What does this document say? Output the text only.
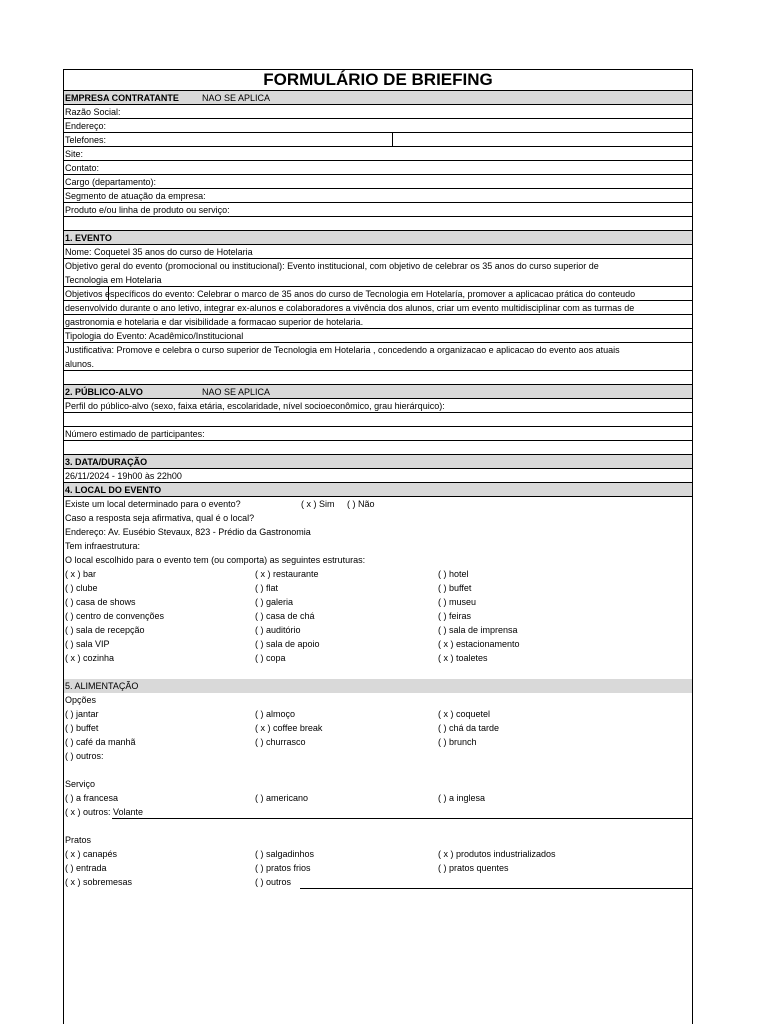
FORMULÁRIO DE BRIEFING
EMPRESA CONTRATANTE	NAO SE APLICA
Razão Social:
Endereço:
Telefones:
Site:
Contato:
Cargo (departamento):
Segmento de atuação da empresa:
Produto e/ou linha de produto ou serviço:
1. EVENTO
Nome: Coquetel 35 anos do curso de Hotelaria
Objetivo geral do evento (promocional ou institucional): Evento institucional, com objetivo de celebrar os 35 anos do curso superior de
Tecnologia em Hotelaria
Objetivos específicos do evento: Celebrar o marco de 35 anos do curso de Tecnologia em Hotelaría, promover a aplicacao prática do conteudo
desenvolvido durante o ano letivo, integrar ex-alunos e colaboradores a vivência dos alunos, criar um evento multidisciplinar com as turmas de
gastronomia e hotelaria e dar visibilidade a formacao superior de hotelaria.
Tipologia do Evento: Acadêmico/Institucional
Justificativa: Promove e celebra o curso superior de Tecnologia em Hotelaria , concedendo a organizacao e aplicacao do evento aos atuais
alunos.
2. PÚBLICO-ALVO	NAO SE APLICA
Perfil do público-alvo (sexo, faixa etária, escolaridade, nível socioeconômico, grau hierárquico):
Número estimado de participantes:
3. DATA/DURAÇÃO
26/11/2024 - 19h00 às 22h00
4. LOCAL DO EVENTO
Existe um local determinado para o evento?	( x ) Sim ( ) Não
Caso a resposta seja afirmativa, qual é o local?
Endereço: Av. Eusébio Stevaux, 823 - Prédio da Gastronomia
Tem infraestrutura:
O local escolhido para o evento tem (ou comporta) as seguintes estruturas:
( x ) bar	( x ) restaurante	( ) hotel
( ) clube	( ) flat	( ) buffet
( ) casa de shows	( ) galeria	( ) museu
( ) centro de convenções	( ) casa de chá	( ) feiras
( ) sala de recepção	( ) auditório	( ) sala de imprensa
( ) sala VIP	( ) sala de apoio	( x ) estacionamento
( x ) cozinha	( ) copa	( x ) toaletes
5. ALIMENTAÇÃO
Opções
( ) jantar	( ) almoço	( x ) coquetel
( ) buffet	( x ) coffee break	( ) chá da tarde
( ) café da manhã	( ) churrasco	( ) brunch
( ) outros:
Serviço
( ) a francesa	( ) americano	( ) a inglesa
( x ) outros: Volante
Pratos
( x ) canapés	( ) salgadinhos	( x ) produtos industrializados
( ) entrada	( ) pratos frios	( ) pratos quentes
( x ) sobremesas	( ) outros
